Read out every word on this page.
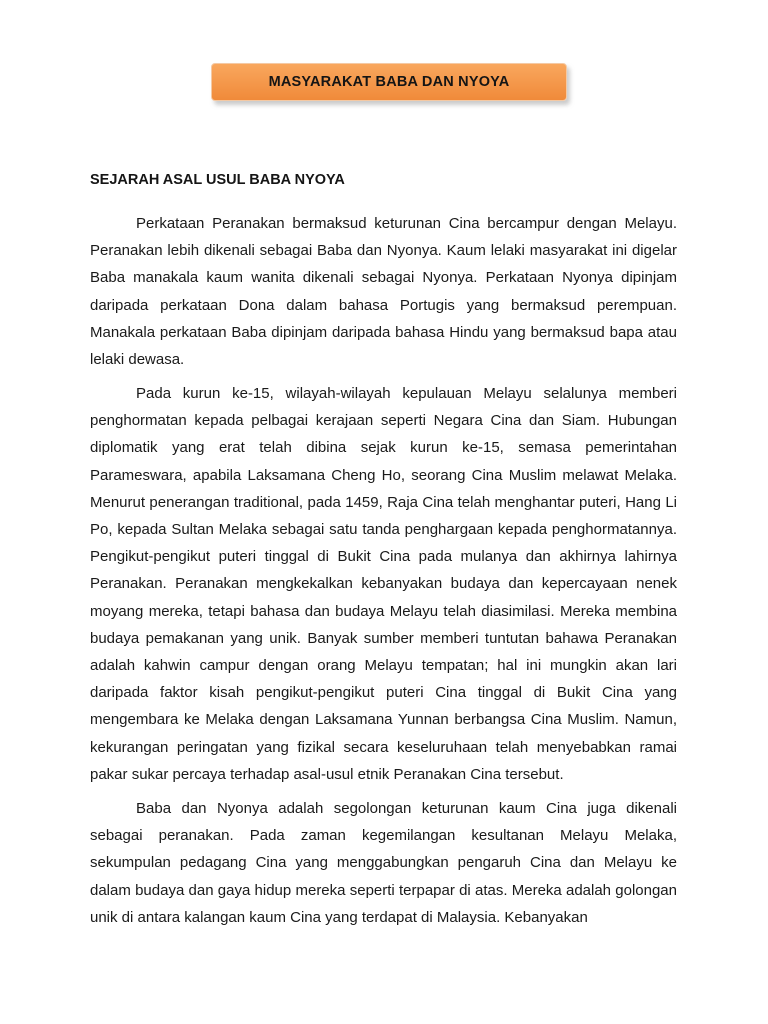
MASYARAKAT BABA DAN NYOYA
SEJARAH ASAL USUL BABA NYOYA

Perkataan Peranakan bermaksud keturunan Cina bercampur dengan Melayu. Peranakan lebih dikenali sebagai Baba dan Nyonya. Kaum lelaki masyarakat ini digelar Baba manakala kaum wanita dikenali sebagai Nyonya. Perkataan Nyonya dipinjam daripada perkataan Dona dalam bahasa Portugis yang bermaksud perempuan. Manakala perkataan Baba dipinjam daripada bahasa Hindu yang bermaksud bapa atau lelaki dewasa.

Pada kurun ke-15, wilayah-wilayah kepulauan Melayu selalunya memberi penghormatan kepada pelbagai kerajaan seperti Negara Cina dan Siam. Hubungan diplomatik yang erat telah dibina sejak kurun ke-15, semasa pemerintahan Parameswara, apabila Laksamana Cheng Ho, seorang Cina Muslim melawat Melaka. Menurut penerangan traditional, pada 1459, Raja Cina telah menghantar puteri, Hang Li Po, kepada Sultan Melaka sebagai satu tanda penghargaan kepada penghormatannya. Pengikut-pengikut puteri tinggal di Bukit Cina pada mulanya dan akhirnya lahirnya Peranakan. Peranakan mengkekalkan kebanyakan budaya dan kepercayaan nenek moyang mereka, tetapi bahasa dan budaya Melayu telah diasimilasi. Mereka membina budaya pemakanan yang unik. Banyak sumber memberi tuntutan bahawa Peranakan adalah kahwin campur dengan orang Melayu tempatan; hal ini mungkin akan lari daripada faktor kisah pengikut-pengikut puteri Cina tinggal di Bukit Cina yang mengembara ke Melaka dengan Laksamana Yunnan berbangsa Cina Muslim. Namun, kekurangan peringatan yang fizikal secara keseluruhaan telah menyebabkan ramai pakar sukar percaya terhadap asal-usul etnik Peranakan Cina tersebut.

Baba dan Nyonya adalah segolongan keturunan kaum Cina juga dikenali sebagai peranakan. Pada zaman kegemilangan kesultanan Melayu Melaka, sekumpulan pedagang Cina yang menggabungkan pengaruh Cina dan Melayu ke dalam budaya dan gaya hidup mereka seperti terpapar di atas. Mereka adalah golongan unik di antara kalangan kaum Cina yang terdapat di Malaysia. Kebanyakan
